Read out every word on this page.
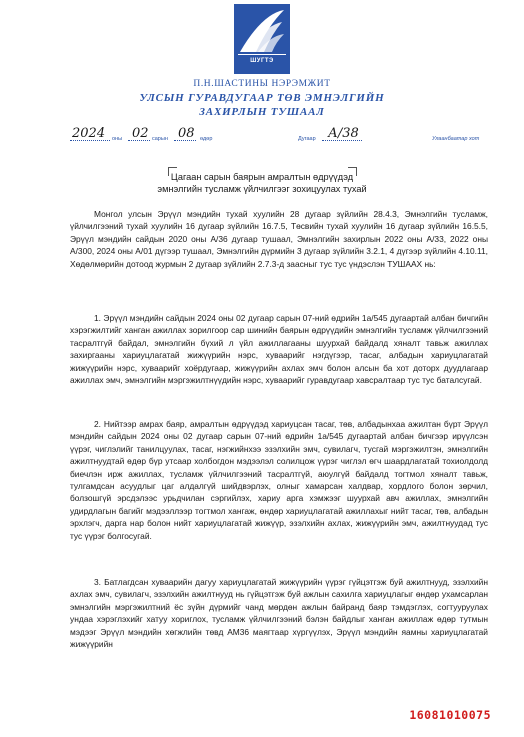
ШУГТЭ
П.Н.ШАСТИНЫ НЭРЭМЖИТ
УЛСЫН ГУРАВДУГААР ТӨВ ЭМНЭЛГИЙН
ЗАХИРЛЫН ТУШААЛ
2024 оны 02 сарын 08 өдөр	Дугаар А/38	Улаанбаатар хот
Цагаан сарын баярын амралтын өдрүүдэд
эмнэлгийн тусламж үйлчилгээг зохицуулах тухай

Монгол улсын Эрүүл мэндийн тухай хуулийн 28 дугаар зүйлийн 28.4.3, Эмнэлгийн тусламж, үйлчилгээний тухай хуулийн 16 дугаар зүйлийн 16.7.5, Төсвийн тухай хуулийн 16 дугаар зүйлийн 16.5.5, Эрүүл мэндийн сайдын 2020 оны А/36 дугаар тушаал, Эмнэлгийн захирлын 2022 оны А/33, 2022 оны А/300, 2024 оны А/01 дүгээр тушаал, Эмнэлгийн дүрмийн 3 дугаар зүйлийн 3.2.1, 4 дүгээр зүйлийн 4.10.11, Хөдөлмөрийн дотоод журмын 2 дугаар зүйлийн 2.7.3-д заасныг тус тус үндэслэн ТУШААХ нь:

1. Эрүүл мэндийн сайдын 2024 оны 02 дугаар сарын 07-ний өдрийн 1а/545 дугаартай албан бичгийн хэрэгжилтийг ханган ажиллах зорилгоор сар шинийн баярын өдрүүдийн эмнэлгийн тусламж үйлчилгээний тасралтгүй байдал, эмнэлгийн бүхий л үйл ажиллагааны шуурхай байдалд хяналт тавьж ажиллах захиргааны хариуцлагатай жижүүрийн нэрс, хуваарийг нэгдүгээр, тасаг, албадын хариуцлагатай жижүүрийн нэрс, хуваарийг хоёрдугаар, жижүүрийн ахлах эмч болон алсын ба хот доторх дуудлагаар ажиллах эмч, эмнэлгийн мэргэжилтнүүдийн нэрс, хуваарийг гуравдугаар хавсралтаар тус тус баталсугай.

2. Нийтээр амрах баяр, амралтын өдрүүдэд хариуцсан тасаг, төв, албадынхаа ажилтан бүрт Эрүүл мэндийн сайдын 2024 оны 02 дугаар сарын 07-ний өдрийн 1а/545 дугаартай албан бичгээр ирүүлсэн үүрэг, чиглэлийг танилцуулах, тасаг, нэгжийнхээ эзэлхийн эмч, сувилагч, тусгай мэргэжилтэн, эмнэлгийн ажилтнуудтай өдөр бүр утсаар холбогдон мэдээлэл солилцож үүрэг чиглэл өгч шаардлагатай тохиолдолд биечлэн ирж ажиллах, тусламж үйлчилгээний тасралтгүй, аюулгүй байдалд тогтмол хяналт тавьж, тулгамдсан асуудлыг цаг алдалгүй шийдвэрлэх, олныг хамарсан халдвар, хордлого болон зөрчил, болзошгүй эрсдэлээс урьдчилан сэргийлэх, хариу арга хэмжээг шуурхай авч ажиллах, эмнэлгийн удирдлагын багийг мэдээллээр тогтмол хангаж, өндөр хариуцлагатай ажиллахыг нийт тасаг, төв, албадын эрхлэгч, дарга нар болон нийт хариуцлагатай жижүүр, эзэлхийн ахлах, жижүүрийн эмч, ажилтнуудад тус тус үүрэг болгосугай.

3. Батлагдсан хуваарийн дагуу хариуцлагатай жижүүрийн үүрэг гүйцэтгэж буй ажилтнууд, эзэлхийн ахлах эмч, сувилагч, эзэлхийн ажилтнууд нь гүйцэтгэж буй ажлын сахилга хариуцлагыг өндөр ухамсарлан эмнэлгийн мэргэжилтний ёс зүйн дүрмийг чанд мөрдөн ажлын байранд баяр тэмдэглэх, согтууруулах ундаа хэрэглэхийг хатуу хориглох, тусламж үйлчилгээний бэлэн байдлыг ханган ажиллаж өдөр тутмын мэдээг Эрүүл мэндийн хөгжлийн төвд АМ36 маягтаар хүргүүлэх, Эрүүл мэндийн яамны хариуцлагатай жижүүрийн

16081010075
